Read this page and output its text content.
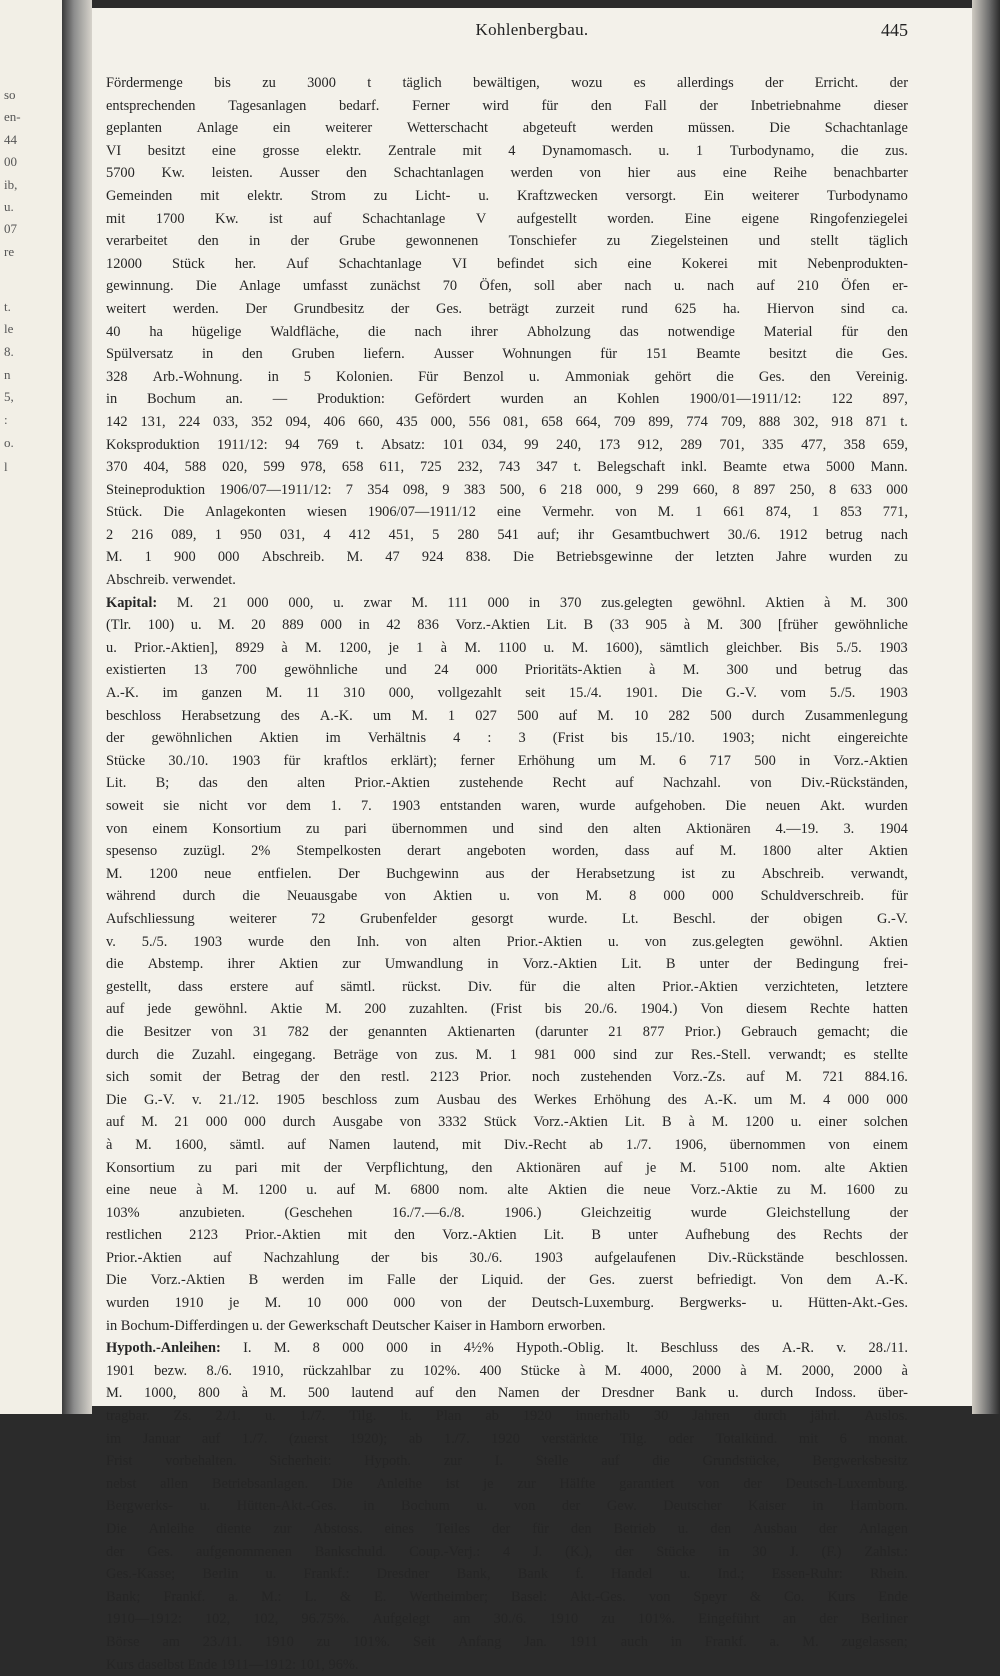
so
en-
44
00
ib,
u.
07
re
t.
le
8.
n
5,
:
o.
l
Kohlenbergbau.	445
Fördermenge bis zu 3000 t täglich bewältigen, wozu es allerdings der Erricht. der
entsprechenden Tagesanlagen bedarf. Ferner wird für den Fall der Inbetriebnahme dieser
geplanten Anlage ein weiterer Wetterschacht abgeteuft werden müssen. Die Schachtanlage
VI besitzt eine grosse elektr. Zentrale mit 4 Dynamomasch. u. 1 Turbodynamo, die zus.
5700 Kw. leisten. Ausser den Schachtanlagen werden von hier aus eine Reihe benachbarter
Gemeinden mit elektr. Strom zu Licht- u. Kraftzwecken versorgt. Ein weiterer Turbodynamo
mit 1700 Kw. ist auf Schachtanlage V aufgestellt worden. Eine eigene Ringofenziegelei
verarbeitet den in der Grube gewonnenen Tonschiefer zu Ziegelsteinen und stellt täglich
12000 Stück her. Auf Schachtanlage VI befindet sich eine Kokerei mit Nebenprodukten-
gewinnung. Die Anlage umfasst zunächst 70 Öfen, soll aber nach u. nach auf 210 Öfen er-
weitert werden. Der Grundbesitz der Ges. beträgt zurzeit rund 625 ha. Hiervon sind ca.
40 ha hügelige Waldfläche, die nach ihrer Abholzung das notwendige Material für den
Spülversatz in den Gruben liefern. Ausser Wohnungen für 151 Beamte besitzt die Ges.
328 Arb.-Wohnung. in 5 Kolonien. Für Benzol u. Ammoniak gehört die Ges. den Vereinig.
in Bochum an. — Produktion: Gefördert wurden an Kohlen 1900/01—1911/12: 122 897,
142 131, 224 033, 352 094, 406 660, 435 000, 556 081, 658 664, 709 899, 774 709, 888 302, 918 871 t.
Koksproduktion 1911/12: 94 769 t. Absatz: 101 034, 99 240, 173 912, 289 701, 335 477, 358 659,
370 404, 588 020, 599 978, 658 611, 725 232, 743 347 t. Belegschaft inkl. Beamte etwa 5000 Mann.
Steineproduktion 1906/07—1911/12: 7 354 098, 9 383 500, 6 218 000, 9 299 660, 8 897 250, 8 633 000
Stück. Die Anlagekonten wiesen 1906/07—1911/12 eine Vermehr. von M. 1 661 874, 1 853 771,
2 216 089, 1 950 031, 4 412 451, 5 280 541 auf; ihr Gesamtbuchwert 30./6. 1912 betrug nach
M. 1 900 000 Abschreib. M. 47 924 838. Die Betriebsgewinne der letzten Jahre wurden zu
Abschreib. verwendet.
Kapital: M. 21 000 000, u. zwar M. 111 000 in 370 zus.gelegten gewöhnl. Aktien à M. 300
(Tlr. 100) u. M. 20 889 000 in 42 836 Vorz.-Aktien Lit. B (33 905 à M. 300 [früher gewöhnliche
u. Prior.-Aktien], 8929 à M. 1200, je 1 à M. 1100 u. M. 1600), sämtlich gleichber. Bis 5./5. 1903
existierten 13 700 gewöhnliche und 24 000 Prioritäts-Aktien à M. 300 und betrug das
A.-K. im ganzen M. 11 310 000, vollgezahlt seit 15./4. 1901. Die G.-V. vom 5./5. 1903
beschloss Herabsetzung des A.-K. um M. 1 027 500 auf M. 10 282 500 durch Zusammenlegung
der gewöhnlichen Aktien im Verhältnis 4 : 3 (Frist bis 15./10. 1903; nicht eingereichte
Stücke 30./10. 1903 für kraftlos erklärt); ferner Erhöhung um M. 6 717 500 in Vorz.-Aktien
Lit. B; das den alten Prior.-Aktien zustehende Recht auf Nachzahl. von Div.-Rückständen,
soweit sie nicht vor dem 1. 7. 1903 entstanden waren, wurde aufgehoben. Die neuen Akt. wurden
von einem Konsortium zu pari übernommen und sind den alten Aktionären 4.—19. 3. 1904
spesenso zuzügl. 2% Stempelkosten derart angeboten worden, dass auf M. 1800 alter Aktien
M. 1200 neue entfielen. Der Buchgewinn aus der Herabsetzung ist zu Abschreib. verwandt,
während durch die Neuausgabe von Aktien u. von M. 8 000 000 Schuldverschreib. für
Aufschliessung weiterer 72 Grubenfelder gesorgt wurde. Lt. Beschl. der obigen G.-V.
v. 5./5. 1903 wurde den Inh. von alten Prior.-Aktien u. von zus.gelegten gewöhnl. Aktien
die Abstemp. ihrer Aktien zur Umwandlung in Vorz.-Aktien Lit. B unter der Bedingung frei-
gestellt, dass erstere auf sämtl. rückst. Div. für die alten Prior.-Aktien verzichteten, letztere
auf jede gewöhnl. Aktie M. 200 zuzahlten. (Frist bis 20./6. 1904.) Von diesem Rechte hatten
die Besitzer von 31 782 der genannten Aktienarten (darunter 21 877 Prior.) Gebrauch gemacht; die
durch die Zuzahl. eingegang. Beträge von zus. M. 1 981 000 sind zur Res.-Stell. verwandt; es stellte
sich somit der Betrag der den restl. 2123 Prior. noch zustehenden Vorz.-Zs. auf M. 721 884.16.
Die G.-V. v. 21./12. 1905 beschloss zum Ausbau des Werkes Erhöhung des A.-K. um M. 4 000 000
auf M. 21 000 000 durch Ausgabe von 3332 Stück Vorz.-Aktien Lit. B à M. 1200 u. einer solchen
à M. 1600, sämtl. auf Namen lautend, mit Div.-Recht ab 1./7. 1906, übernommen von einem
Konsortium zu pari mit der Verpflichtung, den Aktionären auf je M. 5100 nom. alte Aktien
eine neue à M. 1200 u. auf M. 6800 nom. alte Aktien die neue Vorz.-Aktie zu M. 1600 zu
103%	anzubieten.	(Geschehen	16./7.—6./8.	1906.)	Gleichzeitig	wurde	Gleichstellung	der
restlichen 2123 Prior.-Aktien mit den Vorz.-Aktien Lit. B unter Aufhebung des Rechts der
Prior.-Aktien auf Nachzahlung der bis 30./6. 1903 aufgelaufenen Div.-Rückstände beschlossen.
Die Vorz.-Aktien B werden im Falle der Liquid. der Ges. zuerst befriedigt. Von dem A.-K.
wurden 1910 je M. 10 000 000 von der Deutsch-Luxemburg. Bergwerks- u. Hütten-Akt.-Ges.
in Bochum-Differdingen u. der Gewerkschaft Deutscher Kaiser in Hamborn erworben.
Hypoth.-Anleihen: I. M. 8 000 000 in 4½% Hypoth.-Oblig. lt. Beschluss des A.-R. v. 28./11.
1901 bezw. 8./6. 1910, rückzahlbar zu 102%. 400 Stücke à M. 4000, 2000 à M. 2000, 2000 à
M. 1000, 800 à M. 500 lautend auf den Namen der Dresdner Bank u. durch Indoss. über-
tragbar. Zs. 2./1. u. 1./7. Tilg. lt. Plan ab 1920 innerhalb 30 Jahren durch jährl. Auslos.
im Januar auf 1./7. (zuerst 1920); ab 1./7. 1920 verstärkte Tilg. oder Totalkünd. mit 6 monat.
Frist vorbehalten. Sicherheit: Hypoth. zur I. Stelle auf die Grundstücke, Bergwerksbesitz
nebst allen Betriebsanlagen. Die Anleihe ist je zur Hälfte garantiert von der Deutsch-Luxemburg.
Bergwerks- u. Hütten-Akt.-Ges. in Bochum u. von der Gew. Deutscher Kaiser in Hamborn.
Die Anleihe diente zur Abstoss. eines Teiles der für den Betrieb u. den Ausbau der Anlagen
der Ges. aufgenommenen Bankschuld. Coup.-Verj.: 4 J. (K.), der Stücke in 30 J. (F.) Zahlst.:
Ges.-Kasse; Berlin u. Frankf.: Dresdner Bank, Bank f. Handel u. Ind.; Essen-Ruhr: Rhein.
Bank; Frankf. a. M.: L. & E. Wertheimber; Basel: Akt.-Ges. von Speyr & Co. Kurs Ende
1910—1912: 102, 102, 96.75%. Aufgelegt am 30./6. 1910 zu 101%. Eingeführt an der Berliner
Börse am 23./11. 1910 zu 101%. Seit Anfang Jan. 1911 auch in Frankf. a. M. zugelassen;
Kurs daselbst Ende 1911—1912: 101, 96%.
